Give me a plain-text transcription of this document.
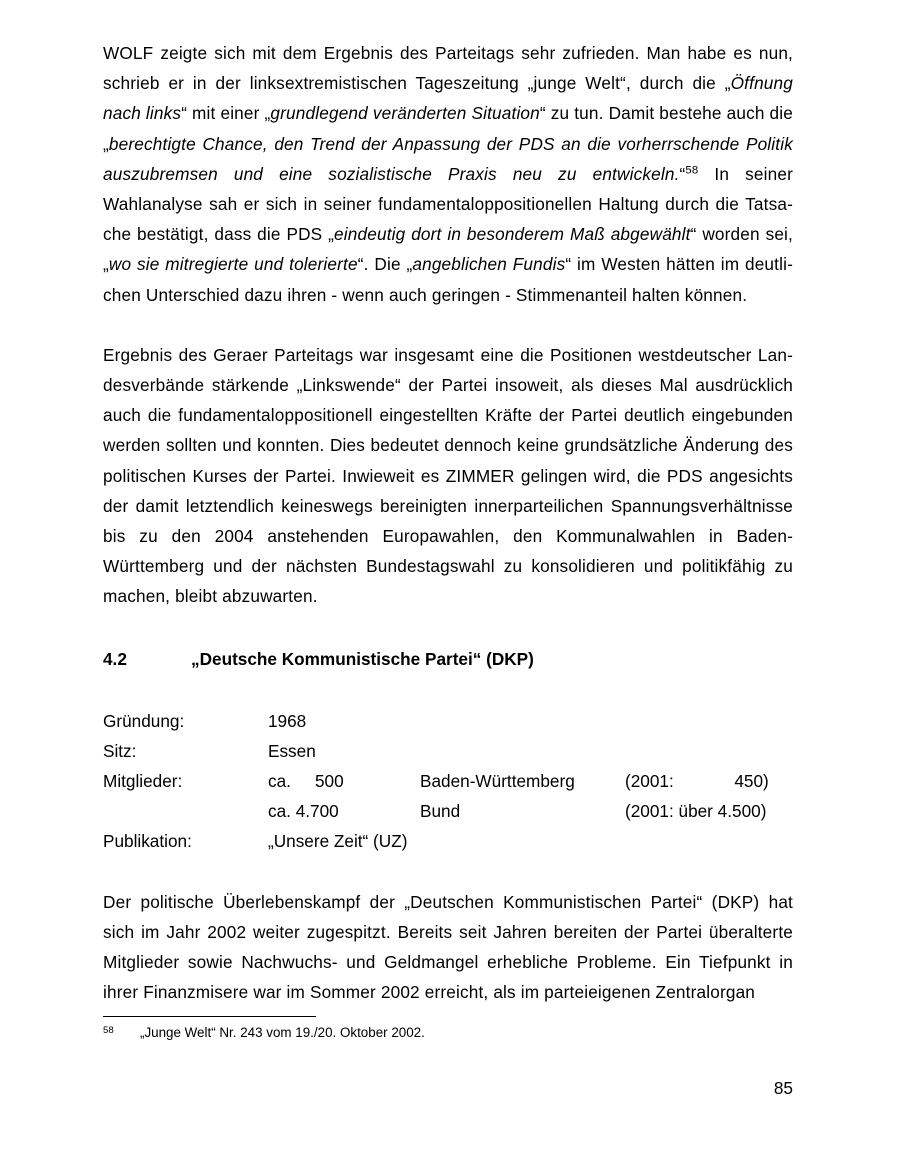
WOLF zeigte sich mit dem Ergebnis des Parteitags sehr zufrieden. Man habe es nun, schrieb er in der linksextremistischen Tageszeitung „junge Welt“, durch die „Öffnung nach links“ mit einer „grundlegend veränderten Situation“ zu tun. Damit bestehe auch die „berechtigte Chance, den Trend der Anpassung der PDS an die vorherrschende Politik auszubremsen und eine sozialistische Praxis neu zu entwickeln.“$^{58}$ In seiner Wahlanalyse sah er sich in seiner fundamentaloppositionellen Haltung durch die Tatsa-che bestätigt, dass die PDS „eindeutig dort in besonderem Maß abgewählt“ worden sei, „wo sie mitregierte und tolerierte“. Die „angeblichen Fundis“ im Westen hätten im deutli-chen Unterschied dazu ihren - wenn auch geringen - Stimmenanteil halten können.

Ergebnis des Geraer Parteitags war insgesamt eine die Positionen westdeutscher Lan-desverbände stärkende „Linkswende“ der Partei insoweit, als dieses Mal ausdrücklich auch die fundamentaloppositionell eingestellten Kräfte der Partei deutlich eingebunden werden sollten und konnten. Dies bedeutet dennoch keine grundsätzliche Änderung des politischen Kurses der Partei. Inwieweit es ZIMMER gelingen wird, die PDS angesichts der damit letztendlich keineswegs bereinigten innerparteilichen Spannungsverhältnisse bis zu den 2004 anstehenden Europawahlen, den Kommunalwahlen in Baden-Württemberg und der nächsten Bundestagswahl zu konsolidieren und politikfähig zu machen, bleibt abzuwarten.

4.2	„Deutsche Kommunistische Partei“ (DKP)
Gründung:	1968			
Sitz:	Essen			
Mitglieder:	ca.	500	Baden-Württemberg	(2001: 450)
	ca. 4.700		Bund	(2001: über 4.500)
Publikation:	„Unsere Zeit“ (UZ)			

Der politische Überlebenskampf der „Deutschen Kommunistischen Partei“ (DKP) hat sich im Jahr 2002 weiter zugespitzt. Bereits seit Jahren bereiten der Partei überalterte Mitglieder sowie Nachwuchs- und Geldmangel erhebliche Probleme. Ein Tiefpunkt in ihrer Finanzmisere war im Sommer 2002 erreicht, als im parteieigenen Zentralorgan

58	„Junge Welt“ Nr. 243 vom 19./20. Oktober 2002.
85
